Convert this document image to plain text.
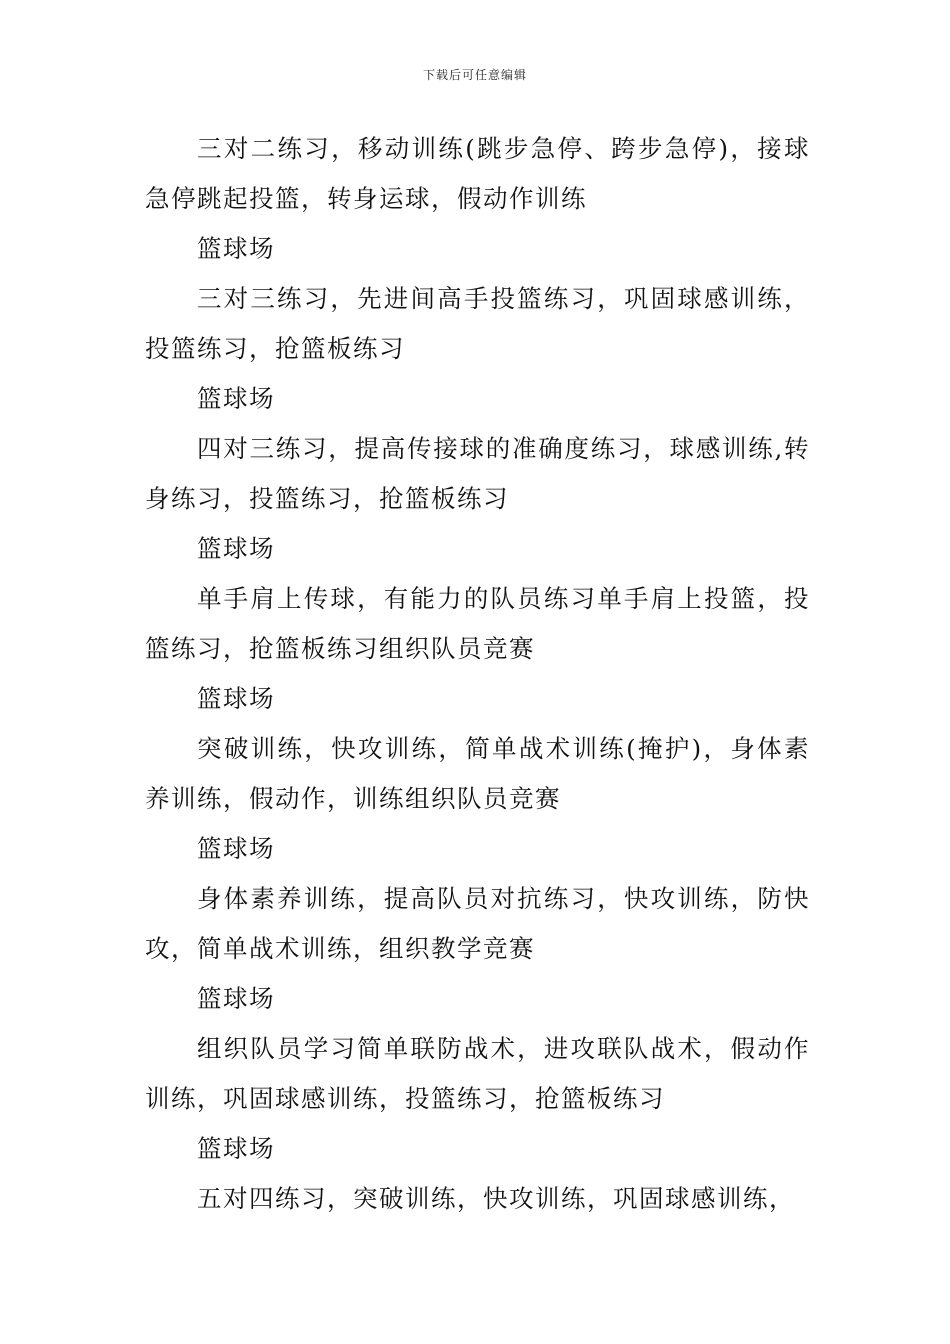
下载后可任意编辑

三对二练习，移动训练(跳步急停、跨步急停)，接球急停跳起投篮，转身运球，假动作训练

篮球场

三对三练习，先进间高手投篮练习，巩固球感训练，投篮练习，抢篮板练习

篮球场

四对三练习，提高传接球的准确度练习，球感训练,转身练习，投篮练习，抢篮板练习

篮球场

单手肩上传球，有能力的队员练习单手肩上投篮，投篮练习，抢篮板练习组织队员竞赛

篮球场

突破训练，快攻训练，简单战术训练(掩护)，身体素养训练，假动作，训练组织队员竞赛

篮球场

身体素养训练，提高队员对抗练习，快攻训练，防快攻，简单战术训练，组织教学竞赛

篮球场

组织队员学习简单联防战术，进攻联队战术，假动作训练，巩固球感训练，投篮练习，抢篮板练习

篮球场

五对四练习，突破训练，快攻训练，巩固球感训练，
